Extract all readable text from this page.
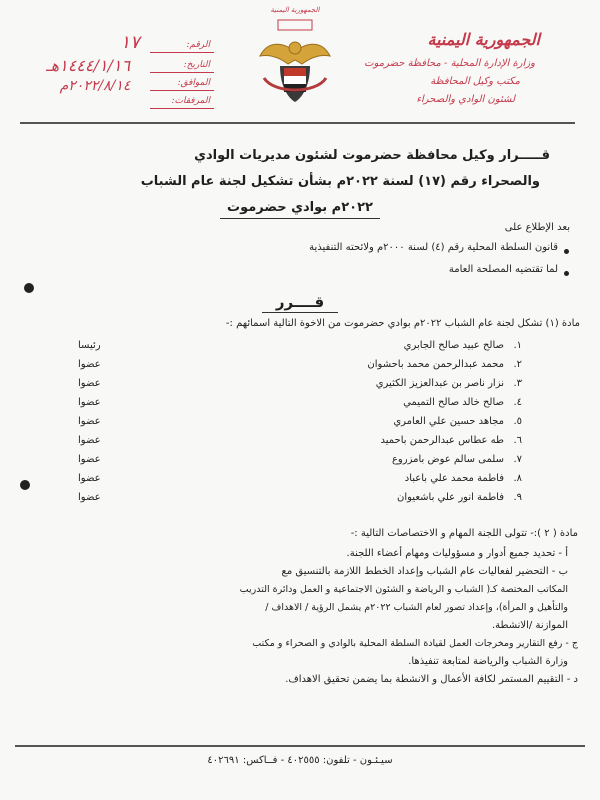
الجمهورية اليمنية
وزارة الإدارة المحلية - محافظة حضرموت
مكتب وكيل المحافظة
لشئون الوادي والصحراء
الجمهورية اليمنية
الرقم:
التاريخ:
الموافق:
المرفقات:
١٧
١٤٤٤/١/١٦هـ
٢٠٢٢/٨/١٤م
قـــــرار وكيل محافظة حضرموت لشئون مديريات الوادي
والصحراء رقم (١٧) لسنة ٢٠٢٢م بشأن تشكيل لجنة عام الشباب
٢٠٢٢م بوادي حضرموت
بعد الإطلاع على
قانون السلطة المحلية رقم (٤) لسنة ٢٠٠٠م ولائحته التنفيذية
لما تقتضيه المصلحة العامة
قــــرر
مادة (١) تشكل لجنة عام الشباب ٢٠٢٢م بوادي حضرموت من الاخوة التالية اسمائهم :-
١.
صالح عبيد صالح الجابري
رئيسا
٢.
محمد عبدالرحمن محمد باحشوان
عضوا
٣.
نزار ناصر بن عبدالعزيز الكثيري
عضوا
٤.
صالح خالد صالح التميمي
عضوا
٥.
مجاهد حسين علي العامري
عضوا
٦.
طه عطاس عبدالرحمن باحميد
عضوا
٧.
سلمى سالم عوض بامزروع
عضوا
٨.
فاطمة محمد علي باعباد
عضوا
٩.
فاطمة انور علي باشعيوان
عضوا
مادة ( ٢ ):- تتولى اللجنة المهام و الاختصاصات التالية :-
أ - تحديد جميع أدوار و مسؤوليات ومهام أعضاء اللجنة.
ب - التحضير لفعاليات عام الشباب وإعداد الخطط اللازمة بالتنسيق مع
المكاتب المختصة كـ( الشباب و الرياضة و الشئون الاجتماعية و العمل ودائرة التدريب
والتأهيل و المرأة)، وإعداد تصور لعام الشباب ٢٠٢٢م يشمل الرؤية / الاهداف /
الموازنة /الانشطة.
ج - رفع التقارير ومخرجات العمل لقيادة السلطة المحلية بالوادي و الصحراء و مكتب
وزارة الشباب والرياضة لمتابعة تنفيذها.
د - التقييم المستمر لكافة الأعمال و الانشطة بما يضمن تحقيق الاهداف.
سيـئـون - تلفون: ٤٠٢٥٥٥ - فــاكس: ٤٠٢٦٩١
